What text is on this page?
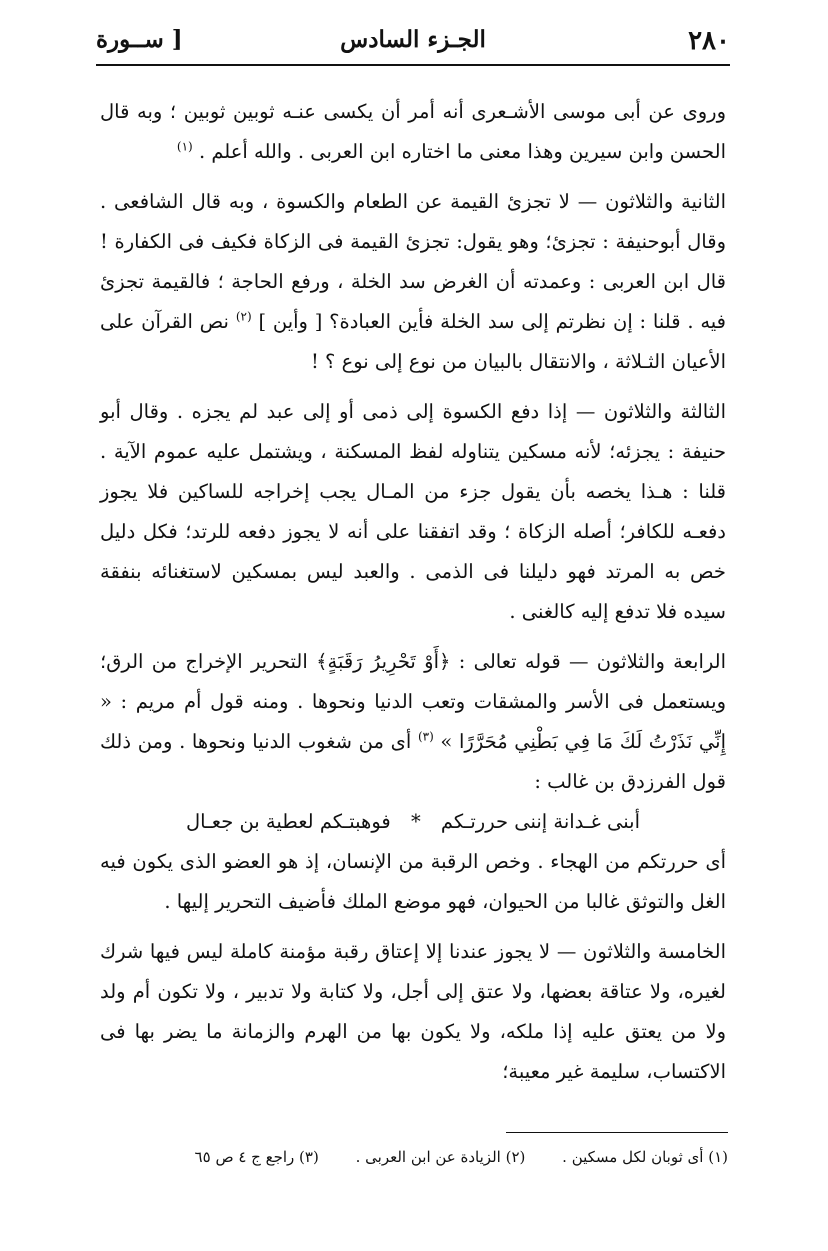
٢٨٠
الجـزء السادس
[ ســورة

وروى عن أبى موسى الأشـعرى أنه أمر أن يكسى عنـه ثوبين ثوبين ؛ وبه قال الحسن وابن سيرين وهذا معنى ما اختاره ابن العربى . والله أعلم . $^{(١)}$

الثانية والثلاثون — لا تجزئ القيمة عن الطعام والكسوة ، وبه قال الشافعى . وقال أبوحنيفة : تجزئ؛ وهو يقول: تجزئ القيمة فى الزكاة فكيف فى الكفارة ! قال ابن العربى : وعمدته أن الغرض سد الخلة ، ورفع الحاجة ؛ فالقيمة تجزئ فيه . قلنا : إن نظرتم إلى سد الخلة فأين العبادة؟ [ وأين ] $^{(٢)}$ نص القرآن على الأعيان الثـلاثة ، والانتقال بالبيان من نوع إلى نوع ؟ !

الثالثة والثلاثون — إذا دفع الكسوة إلى ذمى أو إلى عبد لم يجزه . وقال أبو حنيفة : يجزئه؛ لأنه مسكين يتناوله لفظ المسكنة ، ويشتمل عليه عموم الآية . قلنا : هـذا يخصه بأن يقول جزء من المـال يجب إخراجه للساكين فلا يجوز دفعـه للكافر؛ أصله الزكاة ؛ وقد اتفقنا على أنه لا يجوز دفعه للرتد؛ فكل دليل خص به المرتد فهو دليلنا فى الذمى . والعبد ليس بمسكين لاستغنائه بنفقة سيده فلا تدفع إليه كالغنى .

الرابعة والثلاثون — قوله تعالى : ﴿أَوْ تَحْرِيرُ رَقَبَةٍ﴾ التحرير الإخراج من الرق؛ ويستعمل فى الأسر والمشقات وتعب الدنيا ونحوها . ومنه قول أم مريم : « إِنِّي نَذَرْتُ لَكَ مَا فِي بَطْنِي مُحَرَّرًا » $^{(٣)}$ أى من شغوب الدنيا ونحوها . ومن ذلك قول الفرزدق بن غالب :

أبنى غـدانة إننى حررتـكم * فوهبتـكم لعطية بن جعـال

أى حررتكم من الهجاء . وخص الرقبة من الإنسان، إذ هو العضو الذى يكون فيه الغل والتوثق غالبا من الحيوان، فهو موضع الملك فأضيف التحرير إليها .

الخامسة والثلاثون — لا يجوز عندنا إلا إعتاق رقبة مؤمنة كاملة ليس فيها شرك لغيره، ولا عتاقة بعضها، ولا عتق إلى أجل، ولا كتابة ولا تدبير ، ولا تكون أم ولد ولا من يعتق عليه إذا ملكه، ولا يكون بها من الهرم والزمانة ما يضر بها فى الاكتساب، سليمة غير معيبة؛

(١) أى ثوبان لكل مسكين . (٢) الزيادة عن ابن العربى . (٣) راجع ج ٤ ص ٦٥
